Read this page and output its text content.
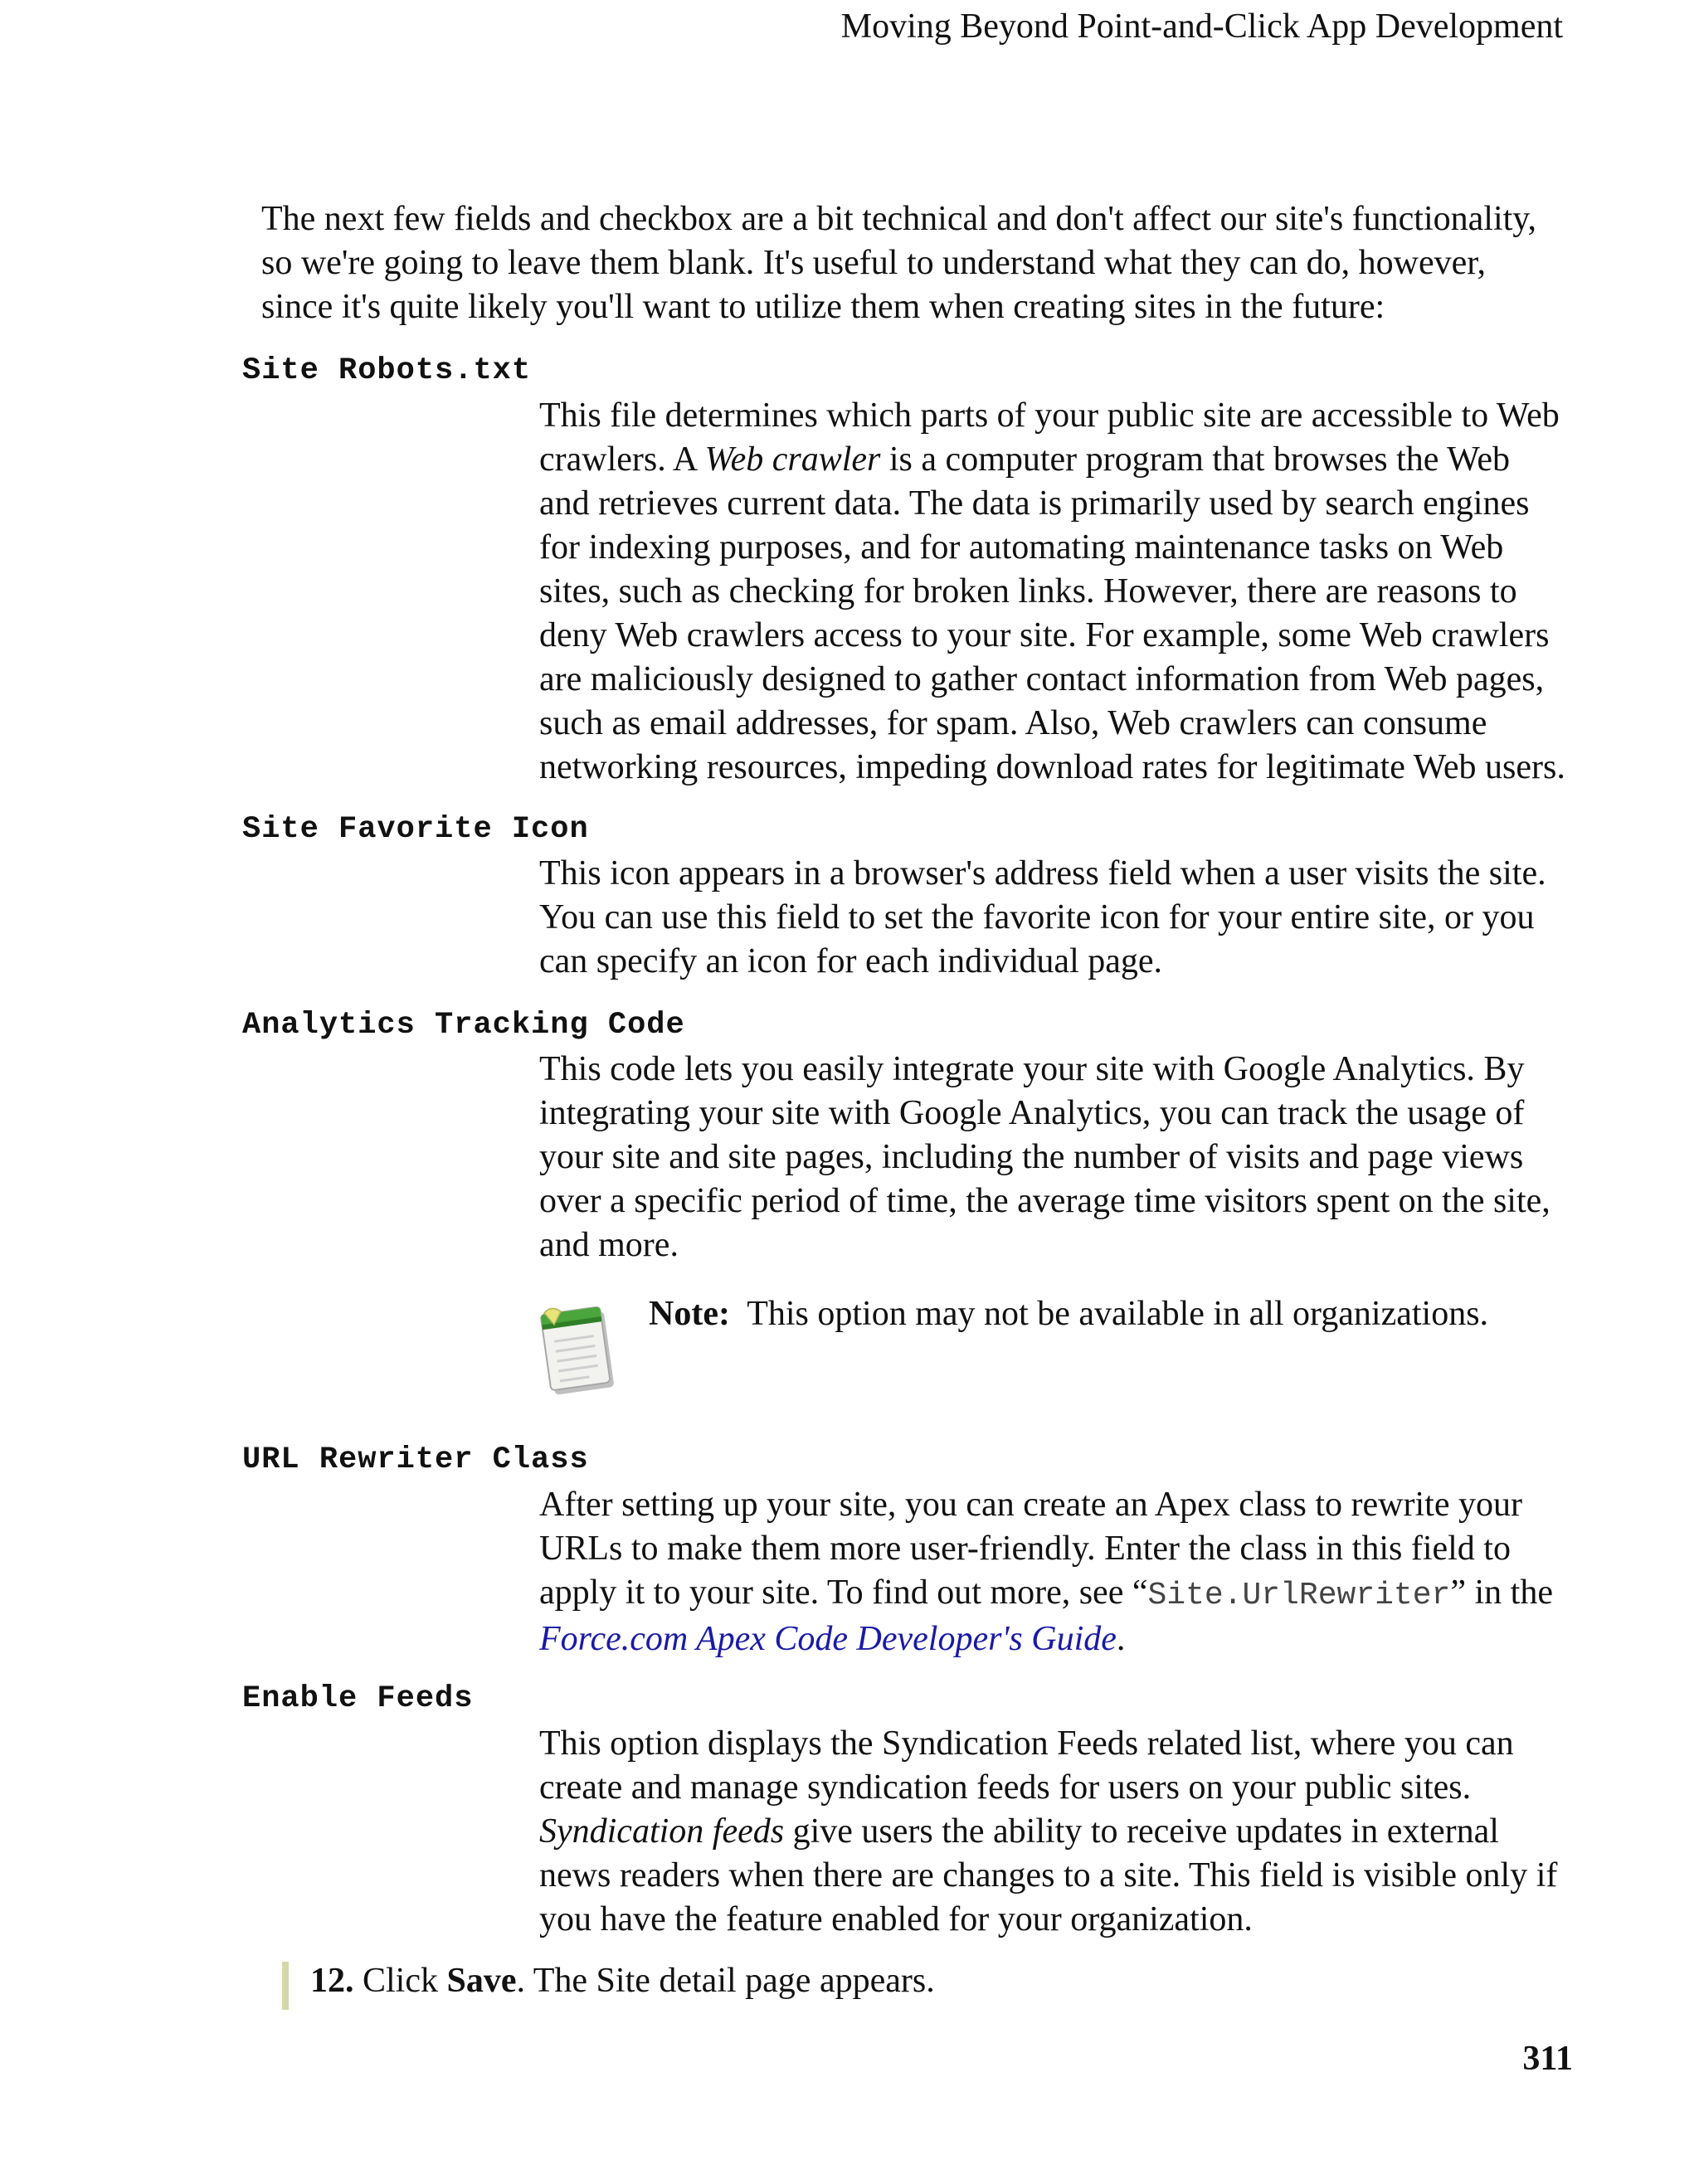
Moving Beyond Point-and-Click App Development

The next few fields and checkbox are a bit technical and don't affect our site's functionality, so we're going to leave them blank. It's useful to understand what they can do, however, since it's quite likely you'll want to utilize them when creating sites in the future:

Site Robots.txt

This file determines which parts of your public site are accessible to Web crawlers. A Web crawler is a computer program that browses the Web and retrieves current data. The data is primarily used by search engines for indexing purposes, and for automating maintenance tasks on Web sites, such as checking for broken links. However, there are reasons to deny Web crawlers access to your site. For example, some Web crawlers are maliciously designed to gather contact information from Web pages, such as email addresses, for spam. Also, Web crawlers can consume networking resources, impeding download rates for legitimate Web users.

Site Favorite Icon

This icon appears in a browser's address field when a user visits the site. You can use this field to set the favorite icon for your entire site, or you can specify an icon for each individual page.

Analytics Tracking Code

This code lets you easily integrate your site with Google Analytics. By integrating your site with Google Analytics, you can track the usage of your site and site pages, including the number of visits and page views over a specific period of time, the average time visitors spent on the site, and more.

Note: This option may not be available in all organizations.

URL Rewriter Class

After setting up your site, you can create an Apex class to rewrite your URLs to make them more user-friendly. Enter the class in this field to apply it to your site. To find out more, see “Site.UrlRewriter” in the Force.com Apex Code Developer's Guide.

Enable Feeds

This option displays the Syndication Feeds related list, where you can create and manage syndication feeds for users on your public sites. Syndication feeds give users the ability to receive updates in external news readers when there are changes to a site. This field is visible only if you have the feature enabled for your organization.

12. Click Save. The Site detail page appears.

311
